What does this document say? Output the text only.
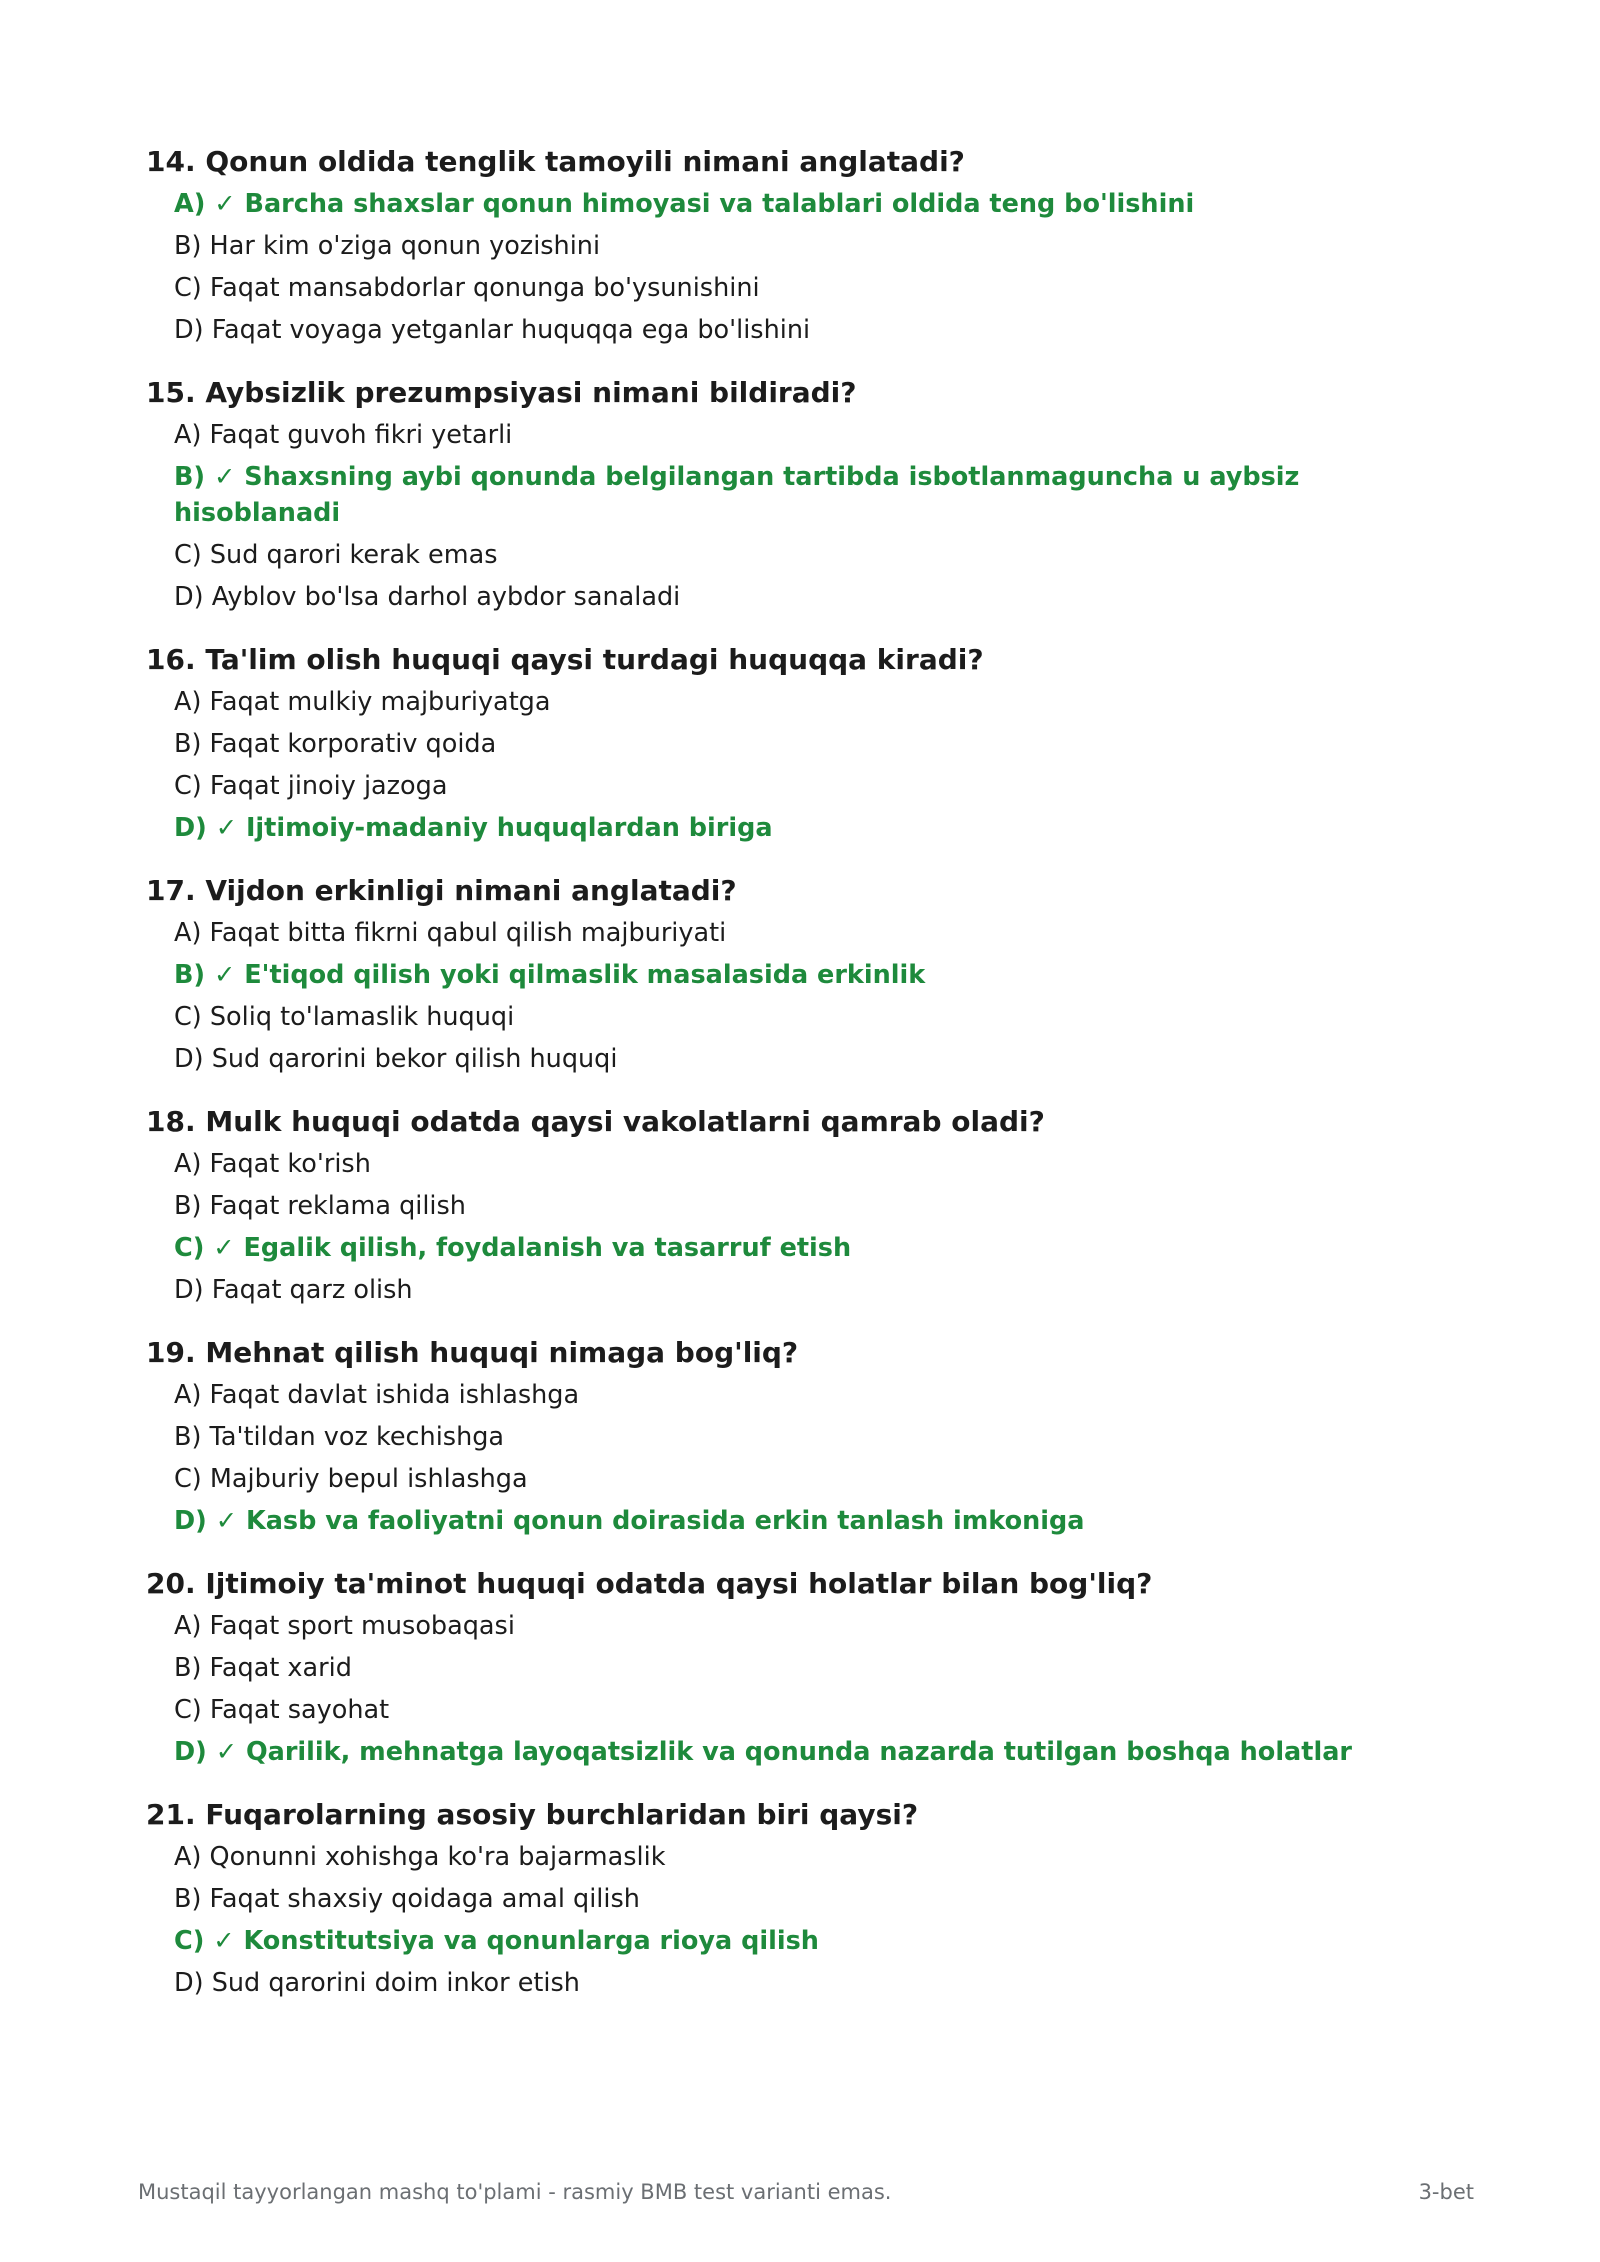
14. Qonun oldida tenglik tamoyili nimani anglatadi?
A) ✓ Barcha shaxslar qonun himoyasi va talablari oldida teng bo'lishini
B) Har kim o'ziga qonun yozishini
C) Faqat mansabdorlar qonunga bo'ysunishini
D) Faqat voyaga yetganlar huquqqa ega bo'lishini
15. Aybsizlik prezumpsiyasi nimani bildiradi?
A) Faqat guvoh fikri yetarli
B) ✓ Shaxsning aybi qonunda belgilangan tartibda isbotlanmaguncha u aybsiz hisoblanadi
C) Sud qarori kerak emas
D) Ayblov bo'lsa darhol aybdor sanaladi
16. Ta'lim olish huquqi qaysi turdagi huquqqa kiradi?
A) Faqat mulkiy majburiyatga
B) Faqat korporativ qoida
C) Faqat jinoiy jazoga
D) ✓ Ijtimoiy-madaniy huquqlardan biriga
17. Vijdon erkinligi nimani anglatadi?
A) Faqat bitta fikrni qabul qilish majburiyati
B) ✓ E'tiqod qilish yoki qilmaslik masalasida erkinlik
C) Soliq to'lamaslik huquqi
D) Sud qarorini bekor qilish huquqi
18. Mulk huquqi odatda qaysi vakolatlarni qamrab oladi?
A) Faqat ko'rish
B) Faqat reklama qilish
C) ✓ Egalik qilish, foydalanish va tasarruf etish
D) Faqat qarz olish
19. Mehnat qilish huquqi nimaga bog'liq?
A) Faqat davlat ishida ishlashga
B) Ta'tildan voz kechishga
C) Majburiy bepul ishlashga
D) ✓ Kasb va faoliyatni qonun doirasida erkin tanlash imkoniga
20. Ijtimoiy ta'minot huquqi odatda qaysi holatlar bilan bog'liq?
A) Faqat sport musobaqasi
B) Faqat xarid
C) Faqat sayohat
D) ✓ Qarilik, mehnatga layoqatsizlik va qonunda nazarda tutilgan boshqa holatlar
21. Fuqarolarning asosiy burchlaridan biri qaysi?
A) Qonunni xohishga ko'ra bajarmaslik
B) Faqat shaxsiy qoidaga amal qilish
C) ✓ Konstitutsiya va qonunlarga rioya qilish
D) Sud qarorini doim inkor etish
Mustaqil tayyorlangan mashq to'plami - rasmiy BMB test varianti emas.	3-bet
